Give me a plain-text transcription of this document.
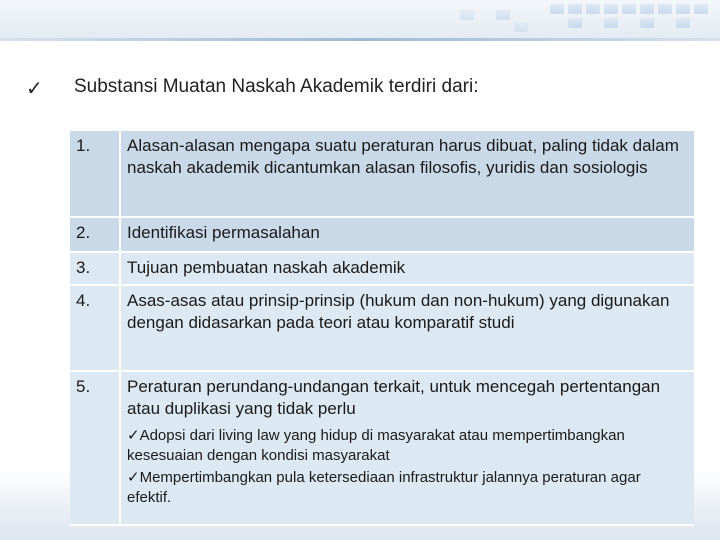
✓ Substansi Muatan Naskah Akademik terdiri dari:
1.	Alasan-alasan mengapa suatu peraturan harus dibuat, paling tidak dalam naskah akademik dicantumkan alasan filosofis, yuridis dan sosiologis
2.	Identifikasi permasalahan
3.	Tujuan pembuatan naskah akademik
4.	Asas-asas atau prinsip-prinsip (hukum dan non-hukum) yang digunakan dengan didasarkan pada teori atau komparatif studi
5.	Peraturan perundang-undangan terkait, untuk mencegah pertentangan atau duplikasi yang tidak perlu
✓Adopsi dari living law yang hidup di masyarakat atau mempertimbangkan kesesuaian dengan kondisi masyarakat
✓Mempertimbangkan pula ketersediaan infrastruktur jalannya peraturan agar efektif.
